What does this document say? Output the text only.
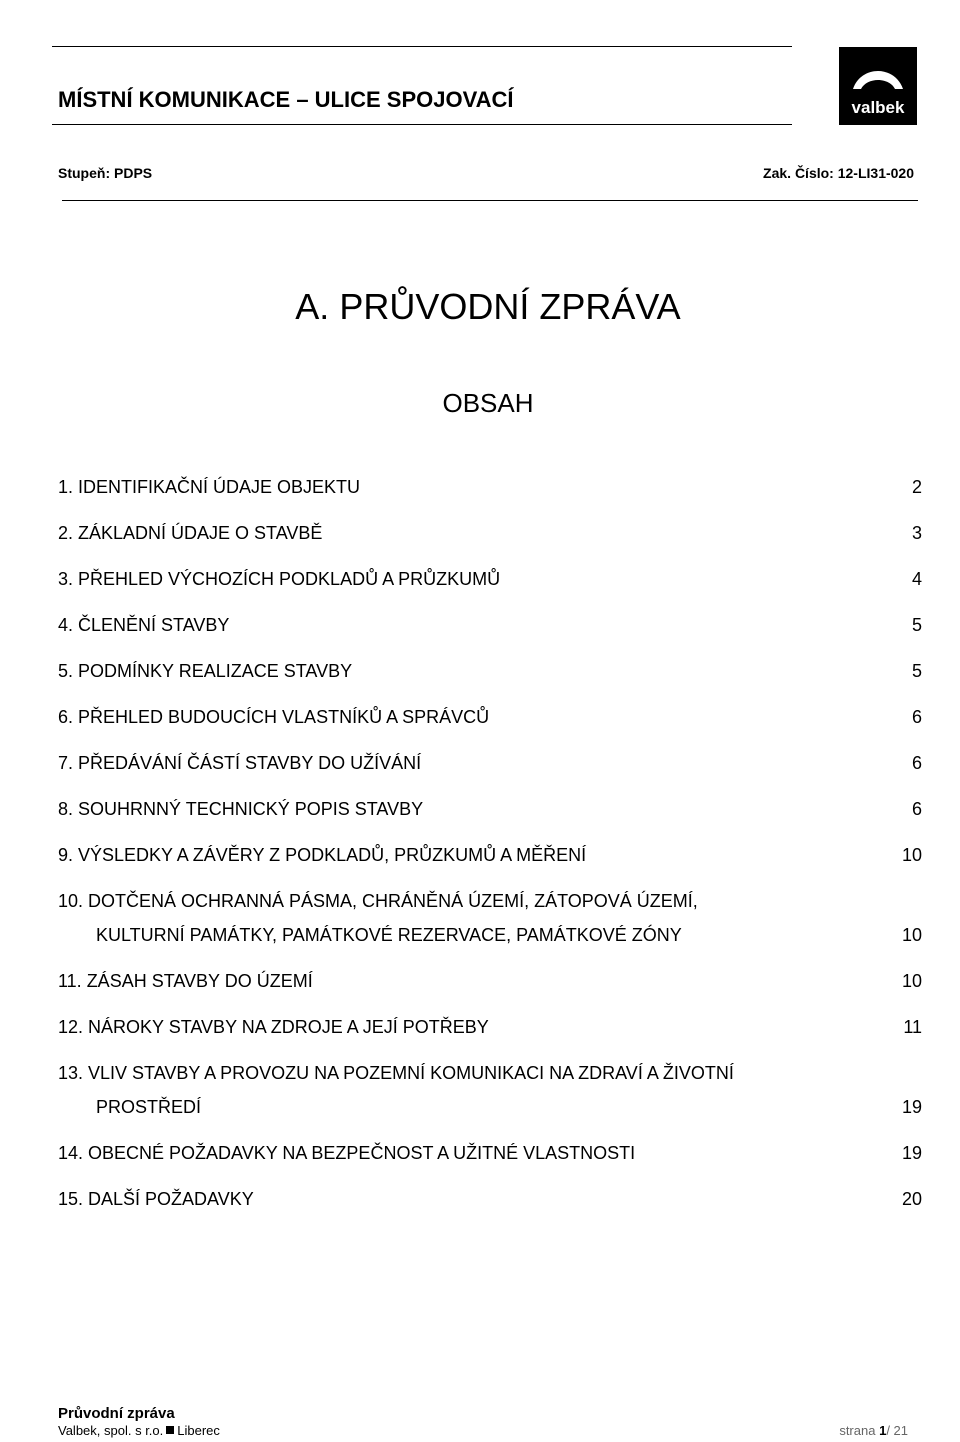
MÍSTNÍ KOMUNIKACE – ULICE SPOJOVACÍ	valbek
Stupeň: PDPS	Zak. Číslo: 12-LI31-020
A. PRŮVODNÍ ZPRÁVA
OBSAH
1. IDENTIFIKAČNÍ ÚDAJE OBJEKTU	2
2. ZÁKLADNÍ ÚDAJE O STAVBĚ	3
3. PŘEHLED VÝCHOZÍCH PODKLADŮ A PRŮZKUMŮ	4
4. ČLENĚNÍ STAVBY	5
5. PODMÍNKY REALIZACE STAVBY	5
6. PŘEHLED BUDOUCÍCH VLASTNÍKŮ A SPRÁVCŮ	6
7. PŘEDÁVÁNÍ ČÁSTÍ STAVBY DO UŽÍVÁNÍ	6
8. SOUHRNNÝ TECHNICKÝ POPIS STAVBY	6
9. VÝSLEDKY A ZÁVĚRY Z PODKLADŮ, PRŮZKUMŮ A MĚŘENÍ	10
10. DOTČENÁ OCHRANNÁ PÁSMA, CHRÁNĚNÁ ÚZEMÍ, ZÁTOPOVÁ ÚZEMÍ,
KULTURNÍ PAMÁTKY, PAMÁTKOVÉ REZERVACE, PAMÁTKOVÉ ZÓNY	10
11. ZÁSAH STAVBY DO ÚZEMÍ	10
12. NÁROKY STAVBY NA ZDROJE A JEJÍ POTŘEBY	11
13. VLIV STAVBY A PROVOZU NA POZEMNÍ KOMUNIKACI NA ZDRAVÍ A ŽIVOTNÍ
PROSTŘEDÍ	19
14. OBECNÉ POŽADAVKY NA BEZPEČNOST A UŽITNÉ VLASTNOSTI	19
15. DALŠÍ POŽADAVKY	20
Průvodní zpráva
Valbek, spol. s r.o. Liberec	strana 1/ 21
